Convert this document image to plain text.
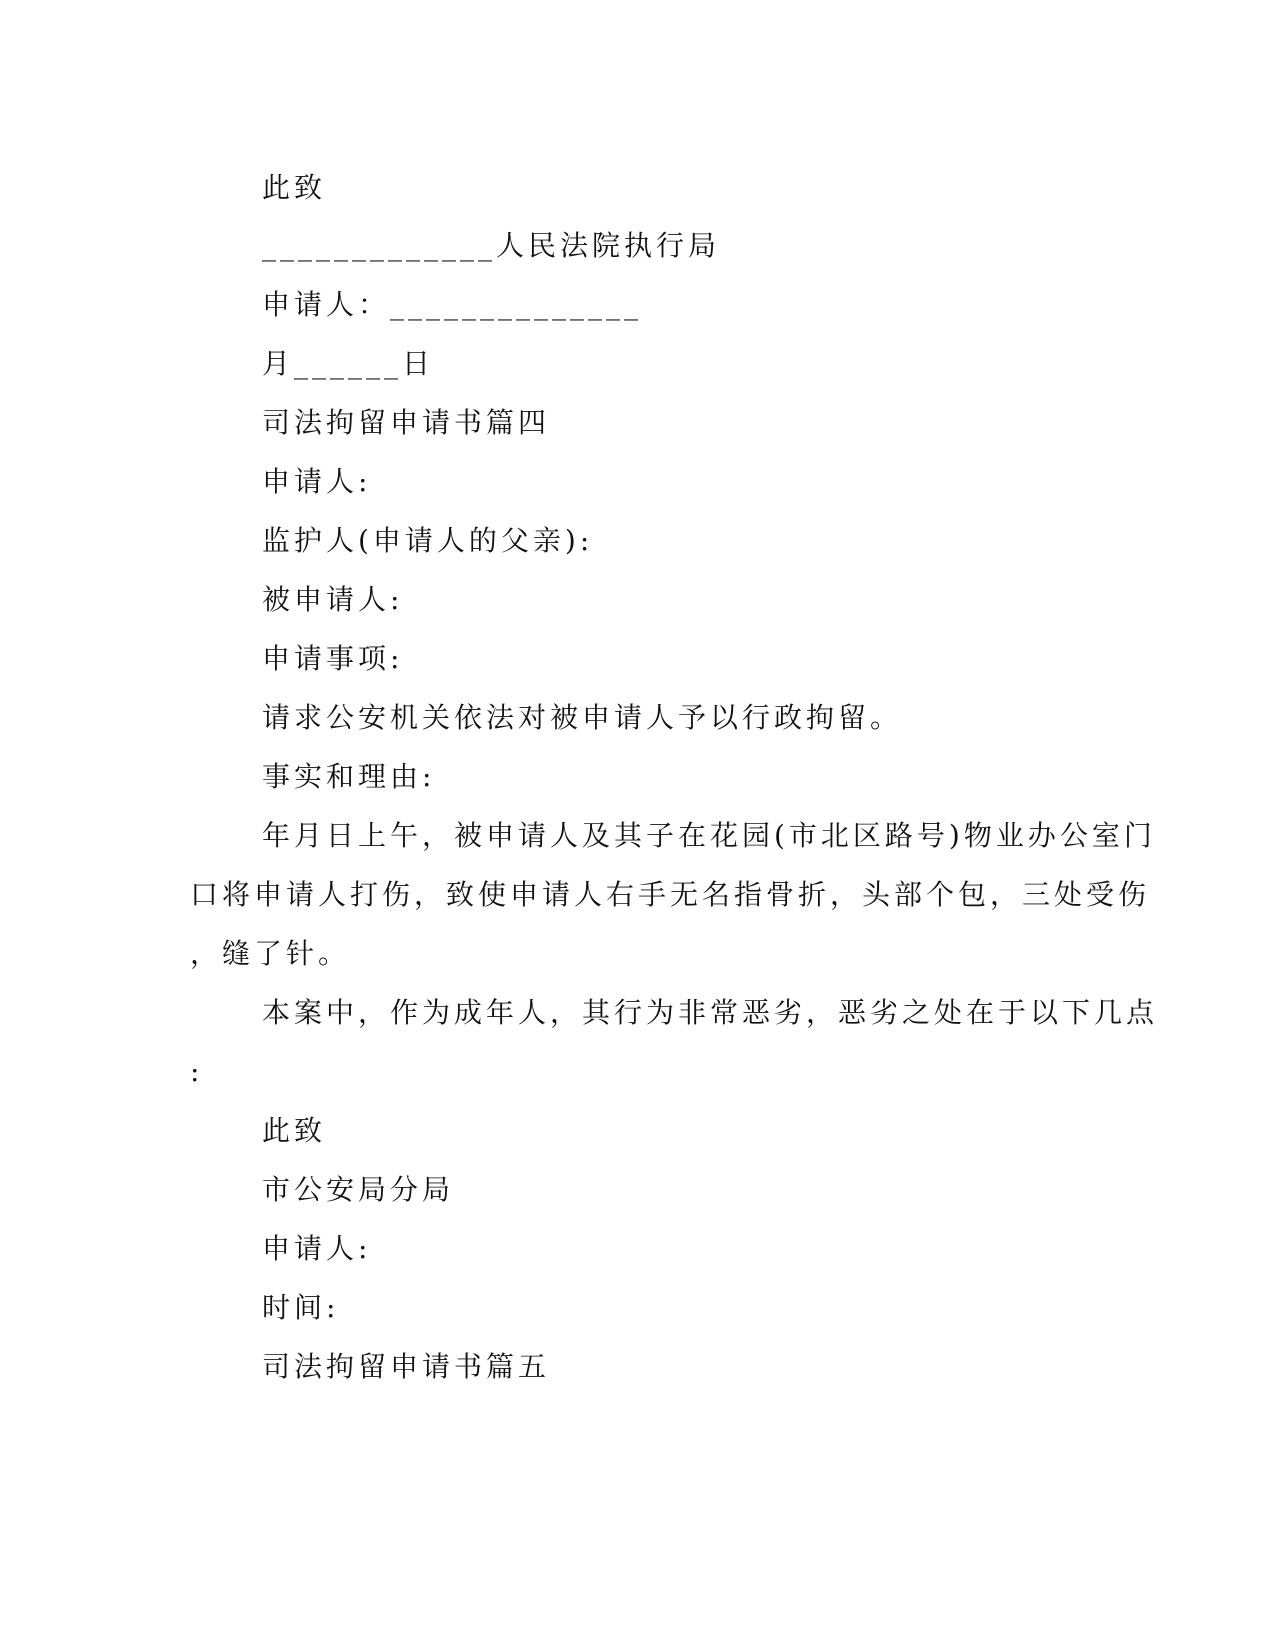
此致
_____________人民法院执行局
申请人：______________
月______日
司法拘留申请书篇四
申请人:
监护人(申请人的父亲):
被申请人:
申请事项:
请求公安机关依法对被申请人予以行政拘留。
事实和理由:
年月日上午，被申请人及其子在花园(市北区路号)物业办公室门
口将申请人打伤，致使申请人右手无名指骨折，头部个包，三处受伤
，缝了针。
本案中，作为成年人，其行为非常恶劣，恶劣之处在于以下几点
:
此致
市公安局分局
申请人:
时间:
司法拘留申请书篇五
